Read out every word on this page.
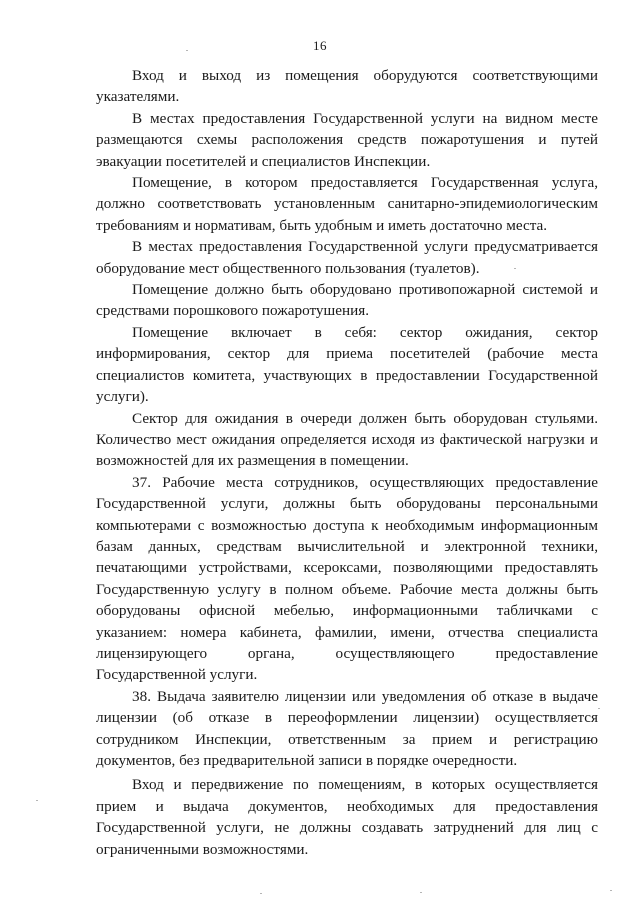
16

Вход и выход из помещения оборудуются соответствующими указателями.

В местах предоставления Государственной услуги на видном месте размещаются схемы расположения средств пожаротушения и путей эвакуации посетителей и специалистов Инспекции.

Помещение, в котором предоставляется Государственная услуга, должно соответствовать установленным санитарно-эпидемиологическим требованиям и нормативам, быть удобным и иметь достаточно места.

В местах предоставления Государственной услуги предусматривается оборудование мест общественного пользования (туалетов).

Помещение должно быть оборудовано противопожарной системой и средствами порошкового пожаротушения.

Помещение включает в себя: сектор ожидания, сектор информирования, сектор для приема посетителей (рабочие места специалистов комитета, участвующих в предоставлении Государственной услуги).

Сектор для ожидания в очереди должен быть оборудован стульями. Количество мест ожидания определяется исходя из фактической нагрузки и возможностей для их размещения в помещении.

37. Рабочие места сотрудников, осуществляющих предоставление Государственной услуги, должны быть оборудованы персональными компьютерами с возможностью доступа к необходимым информационным базам данных, средствам вычислительной и электронной техники, печатающими устройствами, ксероксами, позволяющими предоставлять Государственную услугу в полном объеме. Рабочие места должны быть оборудованы офисной мебелью, информационными табличками с указанием: номера кабинета, фамилии, имени, отчества специалиста лицензирующего органа, осуществляющего предоставление Государственной услуги.

38. Выдача заявителю лицензии или уведомления об отказе в выдаче лицензии (об отказе в переоформлении лицензии) осуществляется сотрудником Инспекции, ответственным за прием и регистрацию документов, без предварительной записи в порядке очередности.

Вход и передвижение по помещениям, в которых осуществляется прием и выдача документов, необходимых для предоставления Государственной услуги, не должны создавать затруднений для лиц с ограниченными возможностями.
